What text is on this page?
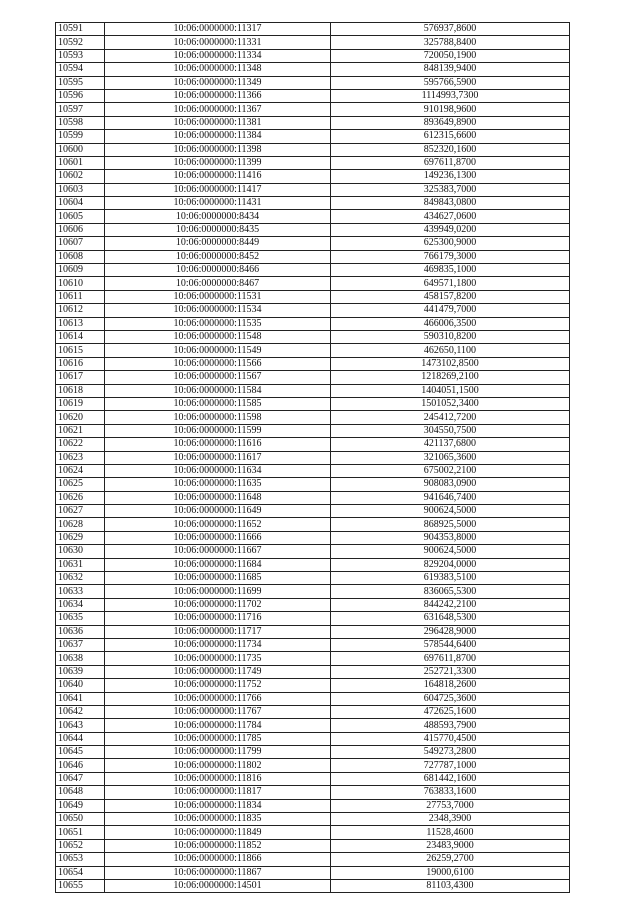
10591	10:06:0000000:11317	576937,8600
10592	10:06:0000000:11331	325788,8400
10593	10:06:0000000:11334	720050,1900
10594	10:06:0000000:11348	848139,9400
10595	10:06:0000000:11349	595766,5900
10596	10:06:0000000:11366	1114993,7300
10597	10:06:0000000:11367	910198,9600
10598	10:06:0000000:11381	893649,8900
10599	10:06:0000000:11384	612315,6600
10600	10:06:0000000:11398	852320,1600
10601	10:06:0000000:11399	697611,8700
10602	10:06:0000000:11416	149236,1300
10603	10:06:0000000:11417	325383,7000
10604	10:06:0000000:11431	849843,0800
10605	10:06:0000000:8434	434627,0600
10606	10:06:0000000:8435	439949,0200
10607	10:06:0000000:8449	625300,9000
10608	10:06:0000000:8452	766179,3000
10609	10:06:0000000:8466	469835,1000
10610	10:06:0000000:8467	649571,1800
10611	10:06:0000000:11531	458157,8200
10612	10:06:0000000:11534	441479,7000
10613	10:06:0000000:11535	466006,3500
10614	10:06:0000000:11548	590310,8200
10615	10:06:0000000:11549	462650,1100
10616	10:06:0000000:11566	1473102,8500
10617	10:06:0000000:11567	1218269,2100
10618	10:06:0000000:11584	1404051,1500
10619	10:06:0000000:11585	1501052,3400
10620	10:06:0000000:11598	245412,7200
10621	10:06:0000000:11599	304550,7500
10622	10:06:0000000:11616	421137,6800
10623	10:06:0000000:11617	321065,3600
10624	10:06:0000000:11634	675002,2100
10625	10:06:0000000:11635	908083,0900
10626	10:06:0000000:11648	941646,7400
10627	10:06:0000000:11649	900624,5000
10628	10:06:0000000:11652	868925,5000
10629	10:06:0000000:11666	904353,8000
10630	10:06:0000000:11667	900624,5000
10631	10:06:0000000:11684	829204,0000
10632	10:06:0000000:11685	619383,5100
10633	10:06:0000000:11699	836065,5300
10634	10:06:0000000:11702	844242,2100
10635	10:06:0000000:11716	631648,5300
10636	10:06:0000000:11717	296428,9000
10637	10:06:0000000:11734	578544,6400
10638	10:06:0000000:11735	697611,8700
10639	10:06:0000000:11749	252721,3300
10640	10:06:0000000:11752	164818,2600
10641	10:06:0000000:11766	604725,3600
10642	10:06:0000000:11767	472625,1600
10643	10:06:0000000:11784	488593,7900
10644	10:06:0000000:11785	415770,4500
10645	10:06:0000000:11799	549273,2800
10646	10:06:0000000:11802	727787,1000
10647	10:06:0000000:11816	681442,1600
10648	10:06:0000000:11817	763833,1600
10649	10:06:0000000:11834	27753,7000
10650	10:06:0000000:11835	2348,3900
10651	10:06:0000000:11849	11528,4600
10652	10:06:0000000:11852	23483,9000
10653	10:06:0000000:11866	26259,2700
10654	10:06:0000000:11867	19000,6100
10655	10:06:0000000:14501	81103,4300
